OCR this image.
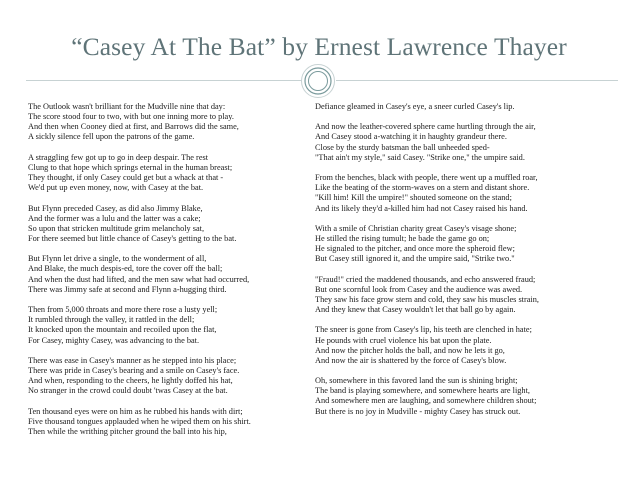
“Casey At The Bat” by Ernest Lawrence Thayer
The Outlook wasn't brilliant for the Mudville nine that day:
The score stood four to two, with but one inning more to play.
And then when Cooney died at first, and Barrows did the same,
A sickly silence fell upon the patrons of the game.
A straggling few got up to go in deep despair. The rest
Clung to that hope which springs eternal in the human breast;
They thought, if only Casey could get but a whack at that -
We'd put up even money, now, with Casey at the bat.
But Flynn preceded Casey, as did also Jimmy Blake,
And the former was a lulu and the latter was a cake;
So upon that stricken multitude grim melancholy sat,
For there seemed but little chance of Casey's getting to the bat.
But Flynn let drive a single, to the wonderment of all,
And Blake, the much despis-ed, tore the cover off the ball;
And when the dust had lifted, and the men saw what had occurred,
There was Jimmy safe at second and Flynn a-hugging third.
Then from 5,000 throats and more there rose a lusty yell;
It rumbled through the valley, it rattled in the dell;
It knocked upon the mountain and recoiled upon the flat,
For Casey, mighty Casey, was advancing to the bat.
There was ease in Casey's manner as he stepped into his place;
There was pride in Casey's bearing and a smile on Casey's face.
And when, responding to the cheers, he lightly doffed his hat,
No stranger in the crowd could doubt 'twas Casey at the bat.
Ten thousand eyes were on him as he rubbed his hands with dirt;
Five thousand tongues applauded when he wiped them on his shirt.
Then while the writhing pitcher ground the ball into his hip,
Defiance gleamed in Casey's eye, a sneer curled Casey's lip.
And now the leather-covered sphere came hurtling through the air,
And Casey stood a-watching it in haughty grandeur there.
Close by the sturdy batsman the ball unheeded sped-
"That ain't my style," said Casey. "Strike one," the umpire said.
From the benches, black with people, there went up a muffled roar,
Like the beating of the storm-waves on a stern and distant shore.
"Kill him! Kill the umpire!" shouted someone on the stand;
And its likely they'd a-killed him had not Casey raised his hand.
With a smile of Christian charity great Casey's visage shone;
He stilled the rising tumult; he bade the game go on;
He signaled to the pitcher, and once more the spheroid flew;
But Casey still ignored it, and the umpire said, "Strike two."
"Fraud!" cried the maddened thousands, and echo answered fraud;
But one scornful look from Casey and the audience was awed.
They saw his face grow stern and cold, they saw his muscles strain,
And they knew that Casey wouldn't let that ball go by again.
The sneer is gone from Casey's lip, his teeth are clenched in hate;
He pounds with cruel violence his bat upon the plate.
And now the pitcher holds the ball, and now he lets it go,
And now the air is shattered by the force of Casey's blow.
Oh, somewhere in this favored land the sun is shining bright;
The band is playing somewhere, and somewhere hearts are light,
And somewhere men are laughing, and somewhere children shout;
But there is no joy in Mudville - mighty Casey has struck out.
